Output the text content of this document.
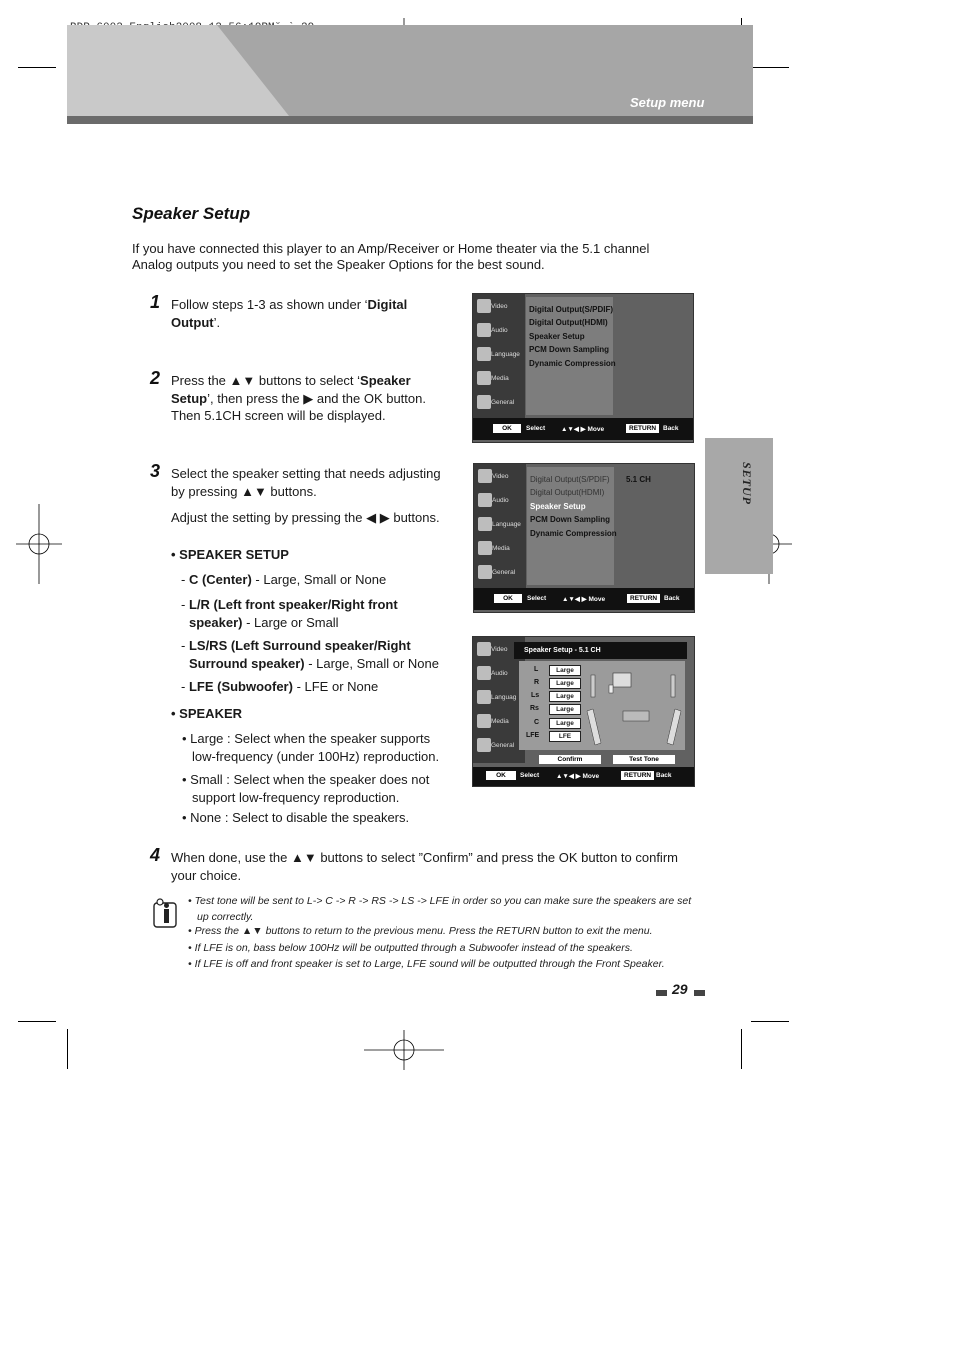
Setup menu
SETUP
Speaker Setup
If you have connected this player to an Amp/Receiver or Home theater via the 5.1 channel Analog outputs you need to set the Speaker Options for the best sound.
1 Follow steps 1-3 as shown under ‘Digital Output’.
2 Press the ▲▼ buttons to select ‘Speaker Setup’, then press the ▶ and the OK button. Then 5.1CH screen will be displayed.
3 Select the speaker setting that needs adjusting by pressing ▲▼ buttons.
Adjust the setting by pressing the ◀ ▶ buttons.
• SPEAKER SETUP
- C (Center) - Large, Small or None
- L/R (Left front speaker/Right front speaker) - Large or Small
- LS/RS (Left Surround speaker/Right Surround speaker) - Large, Small or None
- LFE (Subwoofer) - LFE or None
• SPEAKER
• Large : Select when the speaker supports low-frequency (under 100Hz) reproduction.
• Small : Select when the speaker does not support low-frequency reproduction.
• None : Select to disable the speakers.
4 When done, use the ▲▼ buttons to select ”Confirm” and press the OK button to confirm your choice.
Video
Audio
Language
Media
General
Digital Output(S/PDIF)
Digital Output(HDMI)
Speaker Setup
PCM Down Sampling
Dynamic Compression
OK	Select ▲▼◀ ▶ Move	RETURN	Back
Video
Audio
Language
Media
General
Digital Output(S/PDIF)
Digital Output(HDMI)
Speaker Setup
PCM Down Sampling
Dynamic Compression
5.1 CH
OK	Select ▲▼◀ ▶ Move	RETURN	Back
Video
Audio
Languag
Media
General
Speaker Setup - 5.1 CH
L	Large
R	Large
Ls	Large
Rs	Large
C	Large
LFE	LFE
Confirm	Test Tone
OK	Select	▲▼◀ ▶ Move	RETURN Back
• Test tone will be sent to L-> C -> R -> RS -> LS -> LFE in order so you can make sure the speakers are set up correctly.
• Press the ▲▼ buttons to return to the previous menu. Press the RETURN button to exit the menu.
• If LFE is on, bass below 100Hz will be outputted through a Subwoofer instead of the speakers.
• If LFE is off and front speaker is set to Large, LFE sound will be outputted through the Front Speaker.
29
